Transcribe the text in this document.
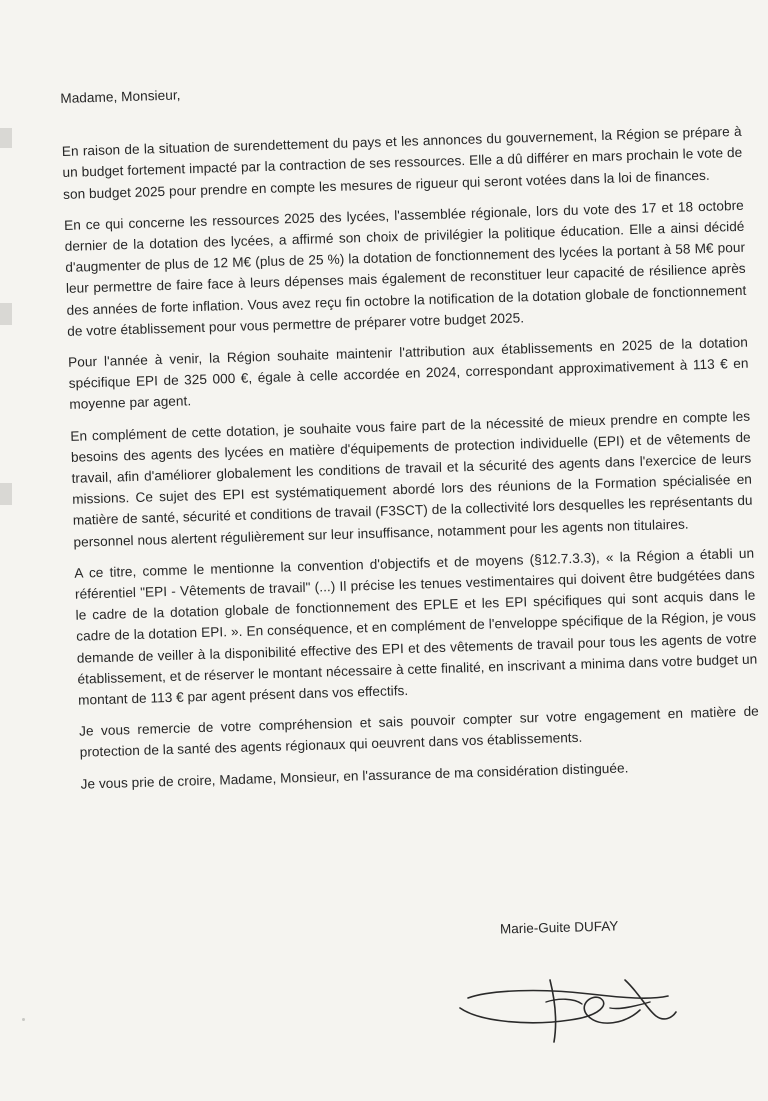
Madame, Monsieur,

En raison de la situation de surendettement du pays et les annonces du gouvernement, la Région se prépare à un budget fortement impacté par la contraction de ses ressources. Elle a dû différer en mars prochain le vote de son budget 2025 pour prendre en compte les mesures de rigueur qui seront votées dans la loi de finances.

En ce qui concerne les ressources 2025 des lycées, l'assemblée régionale, lors du vote des 17 et 18 octobre dernier de la dotation des lycées, a affirmé son choix de privilégier la politique éducation. Elle a ainsi décidé d'augmenter de plus de 12 M€ (plus de 25 %) la dotation de fonctionnement des lycées la portant à 58 M€ pour leur permettre de faire face à leurs dépenses mais également de reconstituer leur capacité de résilience après des années de forte inflation. Vous avez reçu fin octobre la notification de la dotation globale de fonctionnement de votre établissement pour vous permettre de préparer votre budget 2025.

Pour l'année à venir, la Région souhaite maintenir l'attribution aux établissements en 2025 de la dotation spécifique EPI de 325 000 €, égale à celle accordée en 2024, correspondant approximativement à 113 € en moyenne par agent.

En complément de cette dotation, je souhaite vous faire part de la nécessité de mieux prendre en compte les besoins des agents des lycées en matière d'équipements de protection individuelle (EPI) et de vêtements de travail, afin d'améliorer globalement les conditions de travail et la sécurité des agents dans l'exercice de leurs missions. Ce sujet des EPI est systématiquement abordé lors des réunions de la Formation spécialisée en matière de santé, sécurité et conditions de travail (F3SCT) de la collectivité lors desquelles les représentants du personnel nous alertent régulièrement sur leur insuffisance, notamment pour les agents non titulaires.

A ce titre, comme le mentionne la convention d'objectifs et de moyens (§12.7.3.3), « la Région a établi un référentiel "EPI - Vêtements de travail" (...) Il précise les tenues vestimentaires qui doivent être budgétées dans le cadre de la dotation globale de fonctionnement des EPLE et les EPI spécifiques qui sont acquis dans le cadre de la dotation EPI. ». En conséquence, et en complément de l'enveloppe spécifique de la Région, je vous demande de veiller à la disponibilité effective des EPI et des vêtements de travail pour tous les agents de votre établissement, et de réserver le montant nécessaire à cette finalité, en inscrivant a minima dans votre budget un montant de 113 € par agent présent dans vos effectifs.

Je vous remercie de votre compréhension et sais pouvoir compter sur votre engagement en matière de protection de la santé des agents régionaux qui oeuvrent dans vos établissements.

Je vous prie de croire, Madame, Monsieur, en l'assurance de ma considération distinguée.

Marie-Guite DUFAY
